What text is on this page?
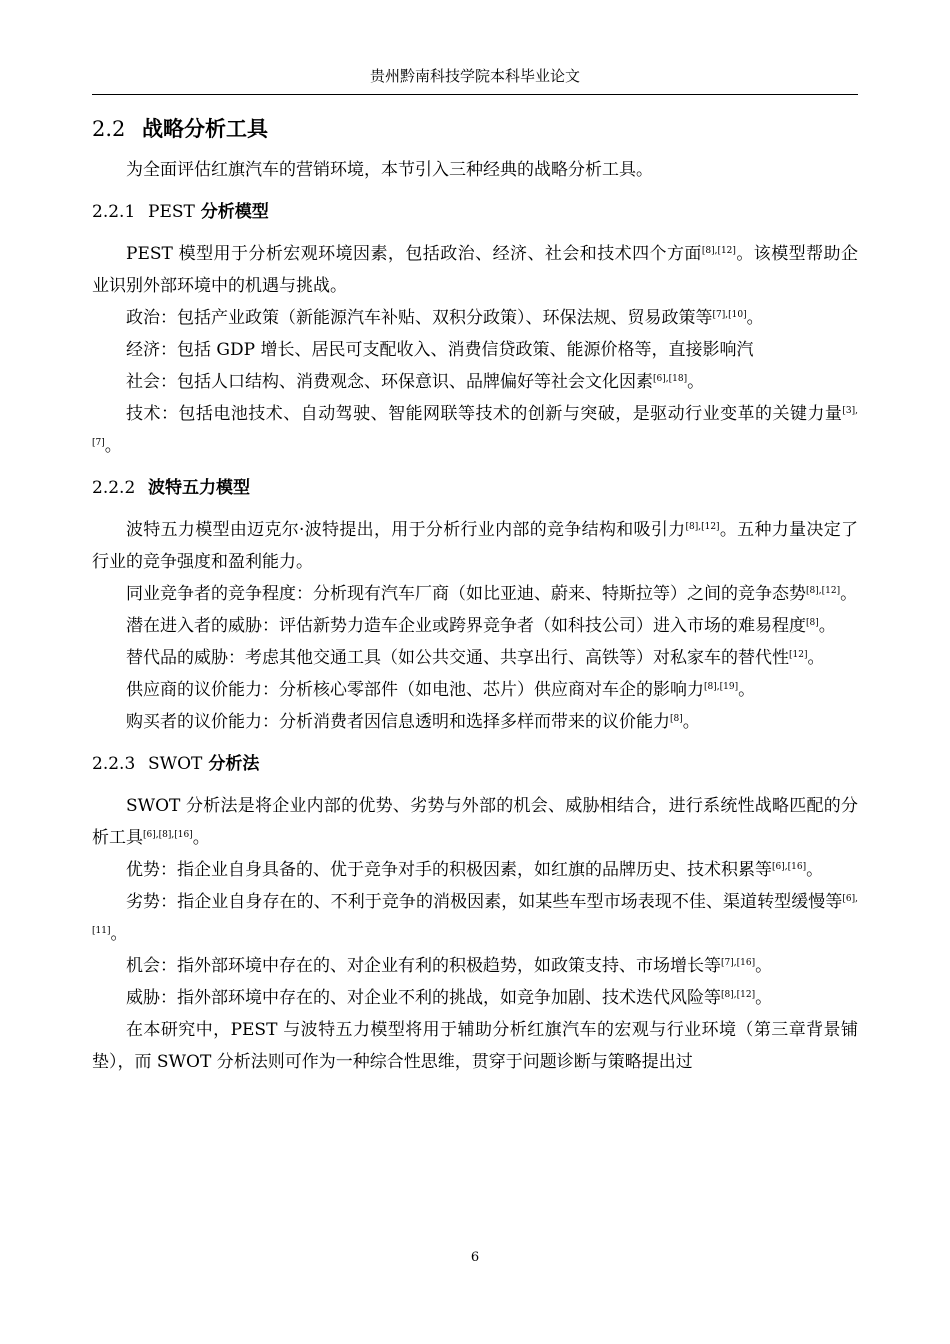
贵州黔南科技学院本科毕业论文
2.2 战略分析工具

为全面评估红旗汽车的营销环境，本节引入三种经典的战略分析工具。

2.2.1 PEST 分析模型

PEST 模型用于分析宏观环境因素，包括政治、经济、社会和技术四个方面[8],[12]。该模型帮助企业识别外部环境中的机遇与挑战。

政治：包括产业政策（新能源汽车补贴、双积分政策）、环保法规、贸易政策等[7],[10]。

经济：包括 GDP 增长、居民可支配收入、消费信贷政策、能源价格等，直接影响汽

社会：包括人口结构、消费观念、环保意识、品牌偏好等社会文化因素[6],[18]。

技术：包括电池技术、自动驾驶、智能网联等技术的创新与突破，是驱动行业变革的关键力量[3],[7]。

2.2.2 波特五力模型

波特五力模型由迈克尔·波特提出，用于分析行业内部的竞争结构和吸引力[8],[12]。五种力量决定了行业的竞争强度和盈利能力。

同业竞争者的竞争程度：分析现有汽车厂商（如比亚迪、蔚来、特斯拉等）之间的竞争态势[8],[12]。

潜在进入者的威胁：评估新势力造车企业或跨界竞争者（如科技公司）进入市场的难易程度[8]。

替代品的威胁：考虑其他交通工具（如公共交通、共享出行、高铁等）对私家车的替代性[12]。

供应商的议价能力：分析核心零部件（如电池、芯片）供应商对车企的影响力[8],[19]。

购买者的议价能力：分析消费者因信息透明和选择多样而带来的议价能力[8]。

2.2.3 SWOT 分析法

SWOT 分析法是将企业内部的优势、劣势与外部的机会、威胁相结合，进行系统性战略匹配的分析工具[6],[8],[16]。

优势：指企业自身具备的、优于竞争对手的积极因素，如红旗的品牌历史、技术积累等[6],[16]。

劣势：指企业自身存在的、不利于竞争的消极因素，如某些车型市场表现不佳、渠道转型缓慢等[6],[11]。

机会：指外部环境中存在的、对企业有利的积极趋势，如政策支持、市场增长等[7],[16]。

威胁：指外部环境中存在的、对企业不利的挑战，如竞争加剧、技术迭代风险等[8],[12]。

在本研究中，PEST 与波特五力模型将用于辅助分析红旗汽车的宏观与行业环境（第三章背景铺垫），而 SWOT 分析法则可作为一种综合性思维，贯穿于问题诊断与策略提出过

6
